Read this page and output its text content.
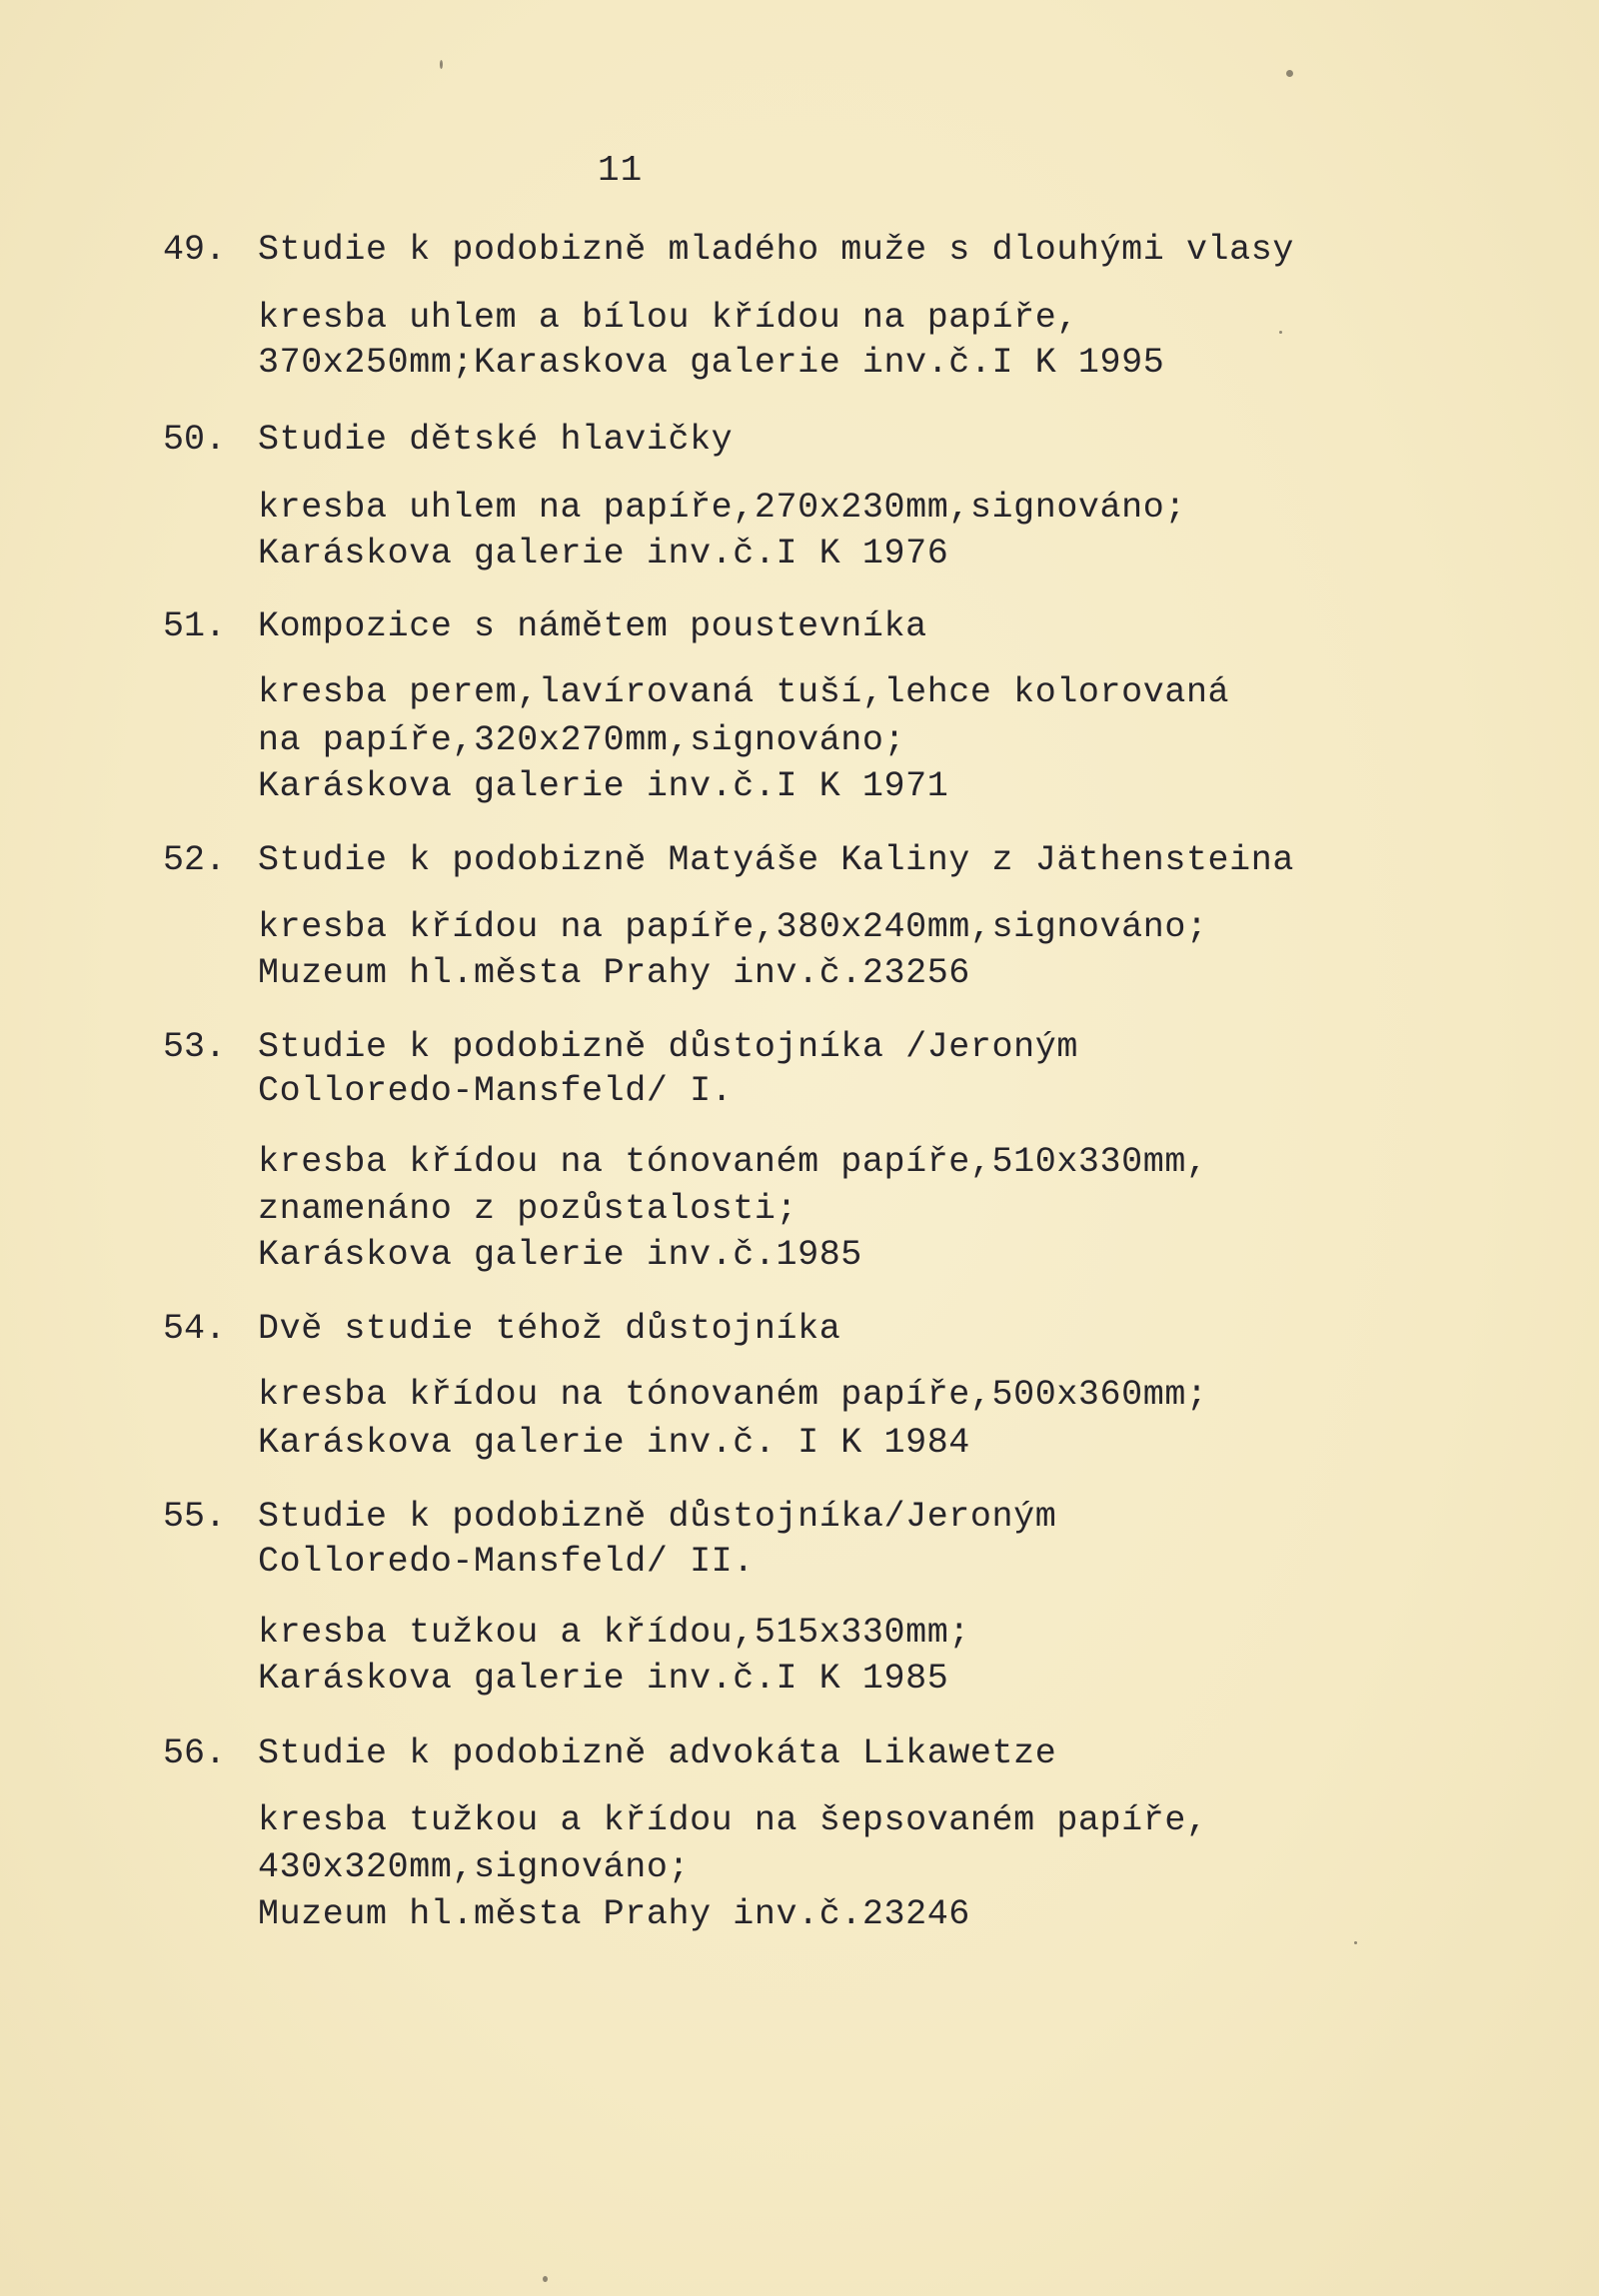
11
49. Studie k podobizně mladého muže s dlouhými vlasy
kresba uhlem a bílou křídou na papíře,
370x250mm;Karaskova galerie inv.č.I K 1995
50. Studie dětské hlavičky
kresba uhlem na papíře,270x230mm,signováno;
Karáskova galerie inv.č.I K 1976
51. Kompozice s námětem poustevníka
kresba perem,lavírovaná tuší,lehce kolorovaná
na papíře,320x270mm,signováno;
Karáskova galerie inv.č.I K 1971
52. Studie k podobizně Matyáše Kaliny z Jäthensteina
kresba křídou na papíře,380x240mm,signováno;
Muzeum hl.města Prahy inv.č.23256
53. Studie k podobizně důstojníka /Jeroným
Colloredo-Mansfeld/ I.
kresba křídou na tónovaném papíře,510x330mm,
znamenáno z pozůstalosti;
Karáskova galerie inv.č.1985
54. Dvě studie téhož důstojníka
kresba křídou na tónovaném papíře,500x360mm;
Karáskova galerie inv.č. I K 1984
55. Studie k podobizně důstojníka/Jeroným
Colloredo-Mansfeld/ II.
kresba tužkou a křídou,515x330mm;
Karáskova galerie inv.č.I K 1985
56. Studie k podobizně advokáta Likawetze
kresba tužkou a křídou na šepsovaném papíře,
430x320mm,signováno;
Muzeum hl.města Prahy inv.č.23246
